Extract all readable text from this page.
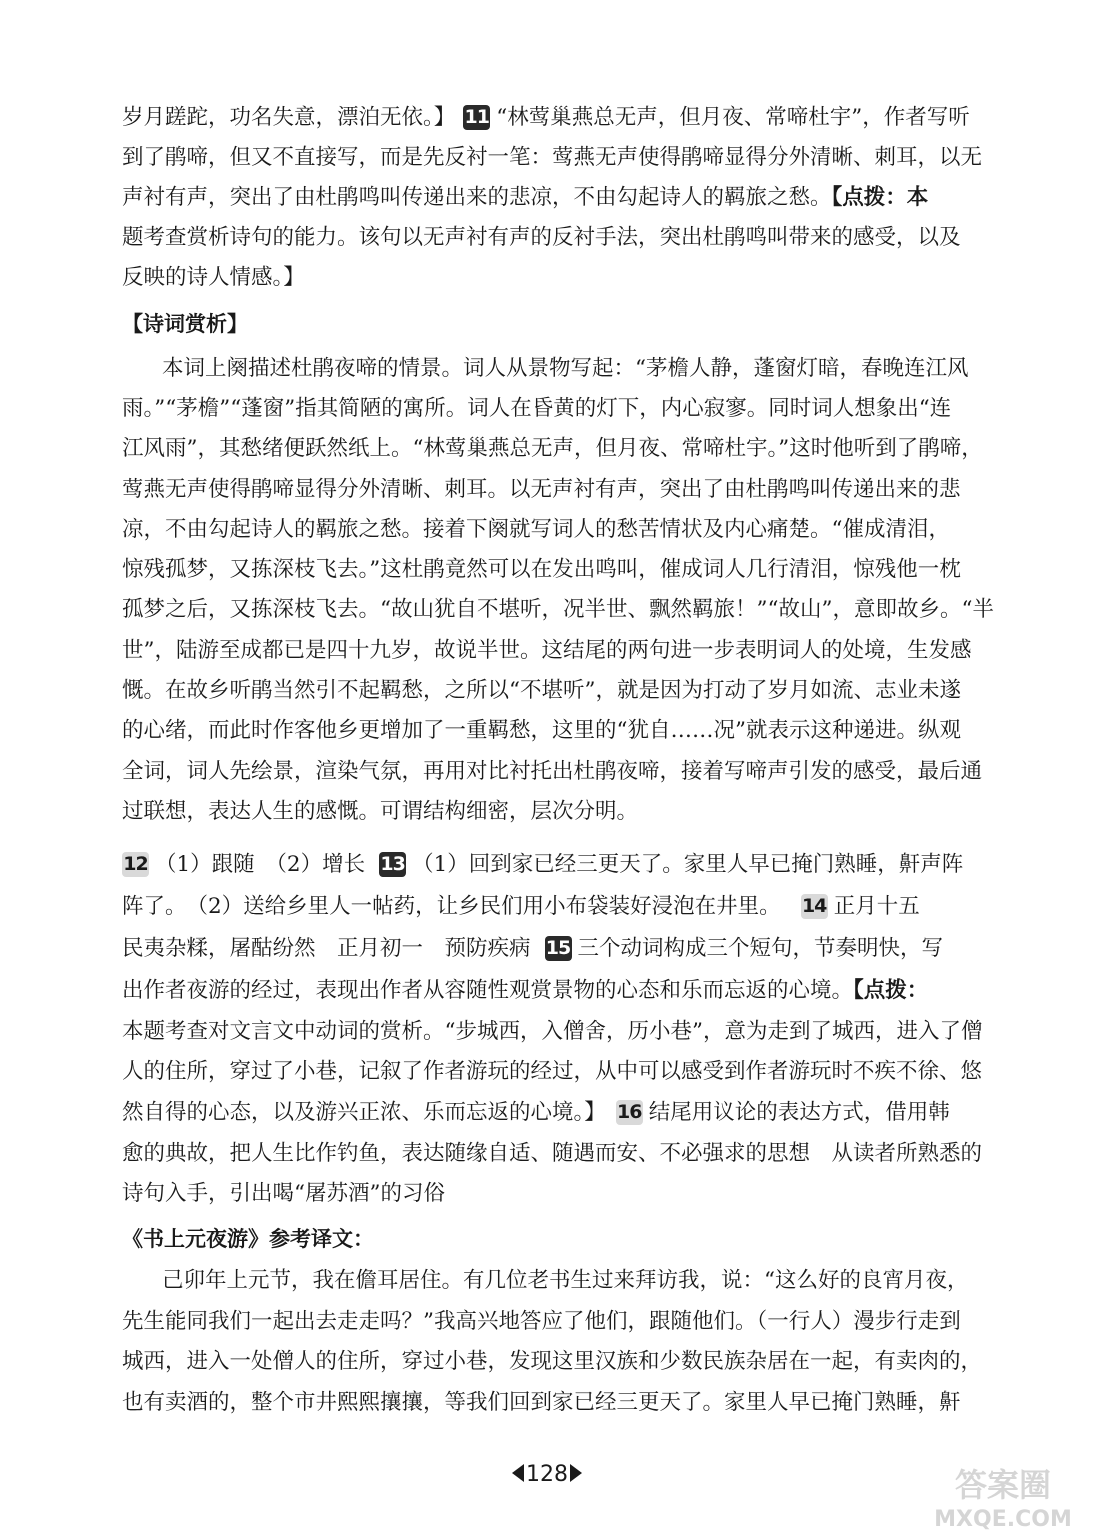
岁月蹉跎，功名失意，漂泊无依。】 11 “林莺巢燕总无声，但月夜、常啼杜宇”，作者写听
到了鹃啼，但又不直接写，而是先反衬一笔：莺燕无声使得鹃啼显得分外清晰、刺耳，以无
声衬有声，突出了由杜鹃鸣叫传递出来的悲凉，不由勾起诗人的羁旅之愁。【点拨：本
题考查赏析诗句的能力。该句以无声衬有声的反衬手法，突出杜鹃鸣叫带来的感受，以及
反映的诗人情感。】
【诗词赏析】
本词上阕描述杜鹃夜啼的情景。词人从景物写起：“茅檐人静，蓬窗灯暗，春晚连江风
雨。”“茅檐”“蓬窗”指其简陋的寓所。词人在昏黄的灯下，内心寂寥。同时词人想象出“连
江风雨”，其愁绪便跃然纸上。“林莺巢燕总无声，但月夜、常啼杜宇。”这时他听到了鹃啼，
莺燕无声使得鹃啼显得分外清晰、刺耳。以无声衬有声，突出了由杜鹃鸣叫传递出来的悲
凉，不由勾起诗人的羁旅之愁。接着下阕就写词人的愁苦情状及内心痛楚。“催成清泪，
惊残孤梦，又拣深枝飞去。”这杜鹃竟然可以在发出鸣叫，催成词人几行清泪，惊残他一枕
孤梦之后，又拣深枝飞去。“故山犹自不堪听，况半世、飘然羁旅！”“故山”，意即故乡。“半
世”，陆游至成都已是四十九岁，故说半世。这结尾的两句进一步表明词人的处境，生发感
慨。在故乡听鹃当然引不起羁愁，之所以“不堪听”，就是因为打动了岁月如流、志业未遂
的心绪，而此时作客他乡更增加了一重羁愁，这里的“犹自……况”就表示这种递进。纵观
全词，词人先绘景，渲染气氛，再用对比衬托出杜鹃夜啼，接着写啼声引发的感受，最后通
过联想，表达人生的感慨。可谓结构细密，层次分明。
12 （1）跟随　（2）增长 13 （1）回到家已经三更天了。家里人早已掩门熟睡，鼾声阵
阵了。　（2）送给乡里人一帖药，让乡民们用小布袋装好浸泡在井里。 14 正月十五
民夷杂糅，屠酤纷然　正月初一　预防疾病 15 三个动词构成三个短句，节奏明快，写
出作者夜游的经过，表现出作者从容随性观赏景物的心态和乐而忘返的心境。【点拨：
本题考查对文言文中动词的赏析。“步城西，入僧舍，历小巷”，意为走到了城西，进入了僧
人的住所，穿过了小巷，记叙了作者游玩的经过，从中可以感受到作者游玩时不疾不徐、悠
然自得的心态，以及游兴正浓、乐而忘返的心境。】 16 结尾用议论的表达方式，借用韩
愈的典故，把人生比作钓鱼，表达随缘自适、随遇而安、不必强求的思想　从读者所熟悉的
诗句入手，引出喝“屠苏酒”的习俗
《书上元夜游》参考译文：
己卯年上元节，我在儋耳居住。有几位老书生过来拜访我，说：“这么好的良宵月夜，
先生能同我们一起出去走走吗？”我高兴地答应了他们，跟随他们。（一行人）漫步行走到
城西，进入一处僧人的住所，穿过小巷，发现这里汉族和少数民族杂居在一起，有卖肉的，
也有卖酒的，整个市井熙熙攘攘，等我们回到家已经三更天了。家里人早已掩门熟睡，鼾
128	答案圈
MXQE.COM
